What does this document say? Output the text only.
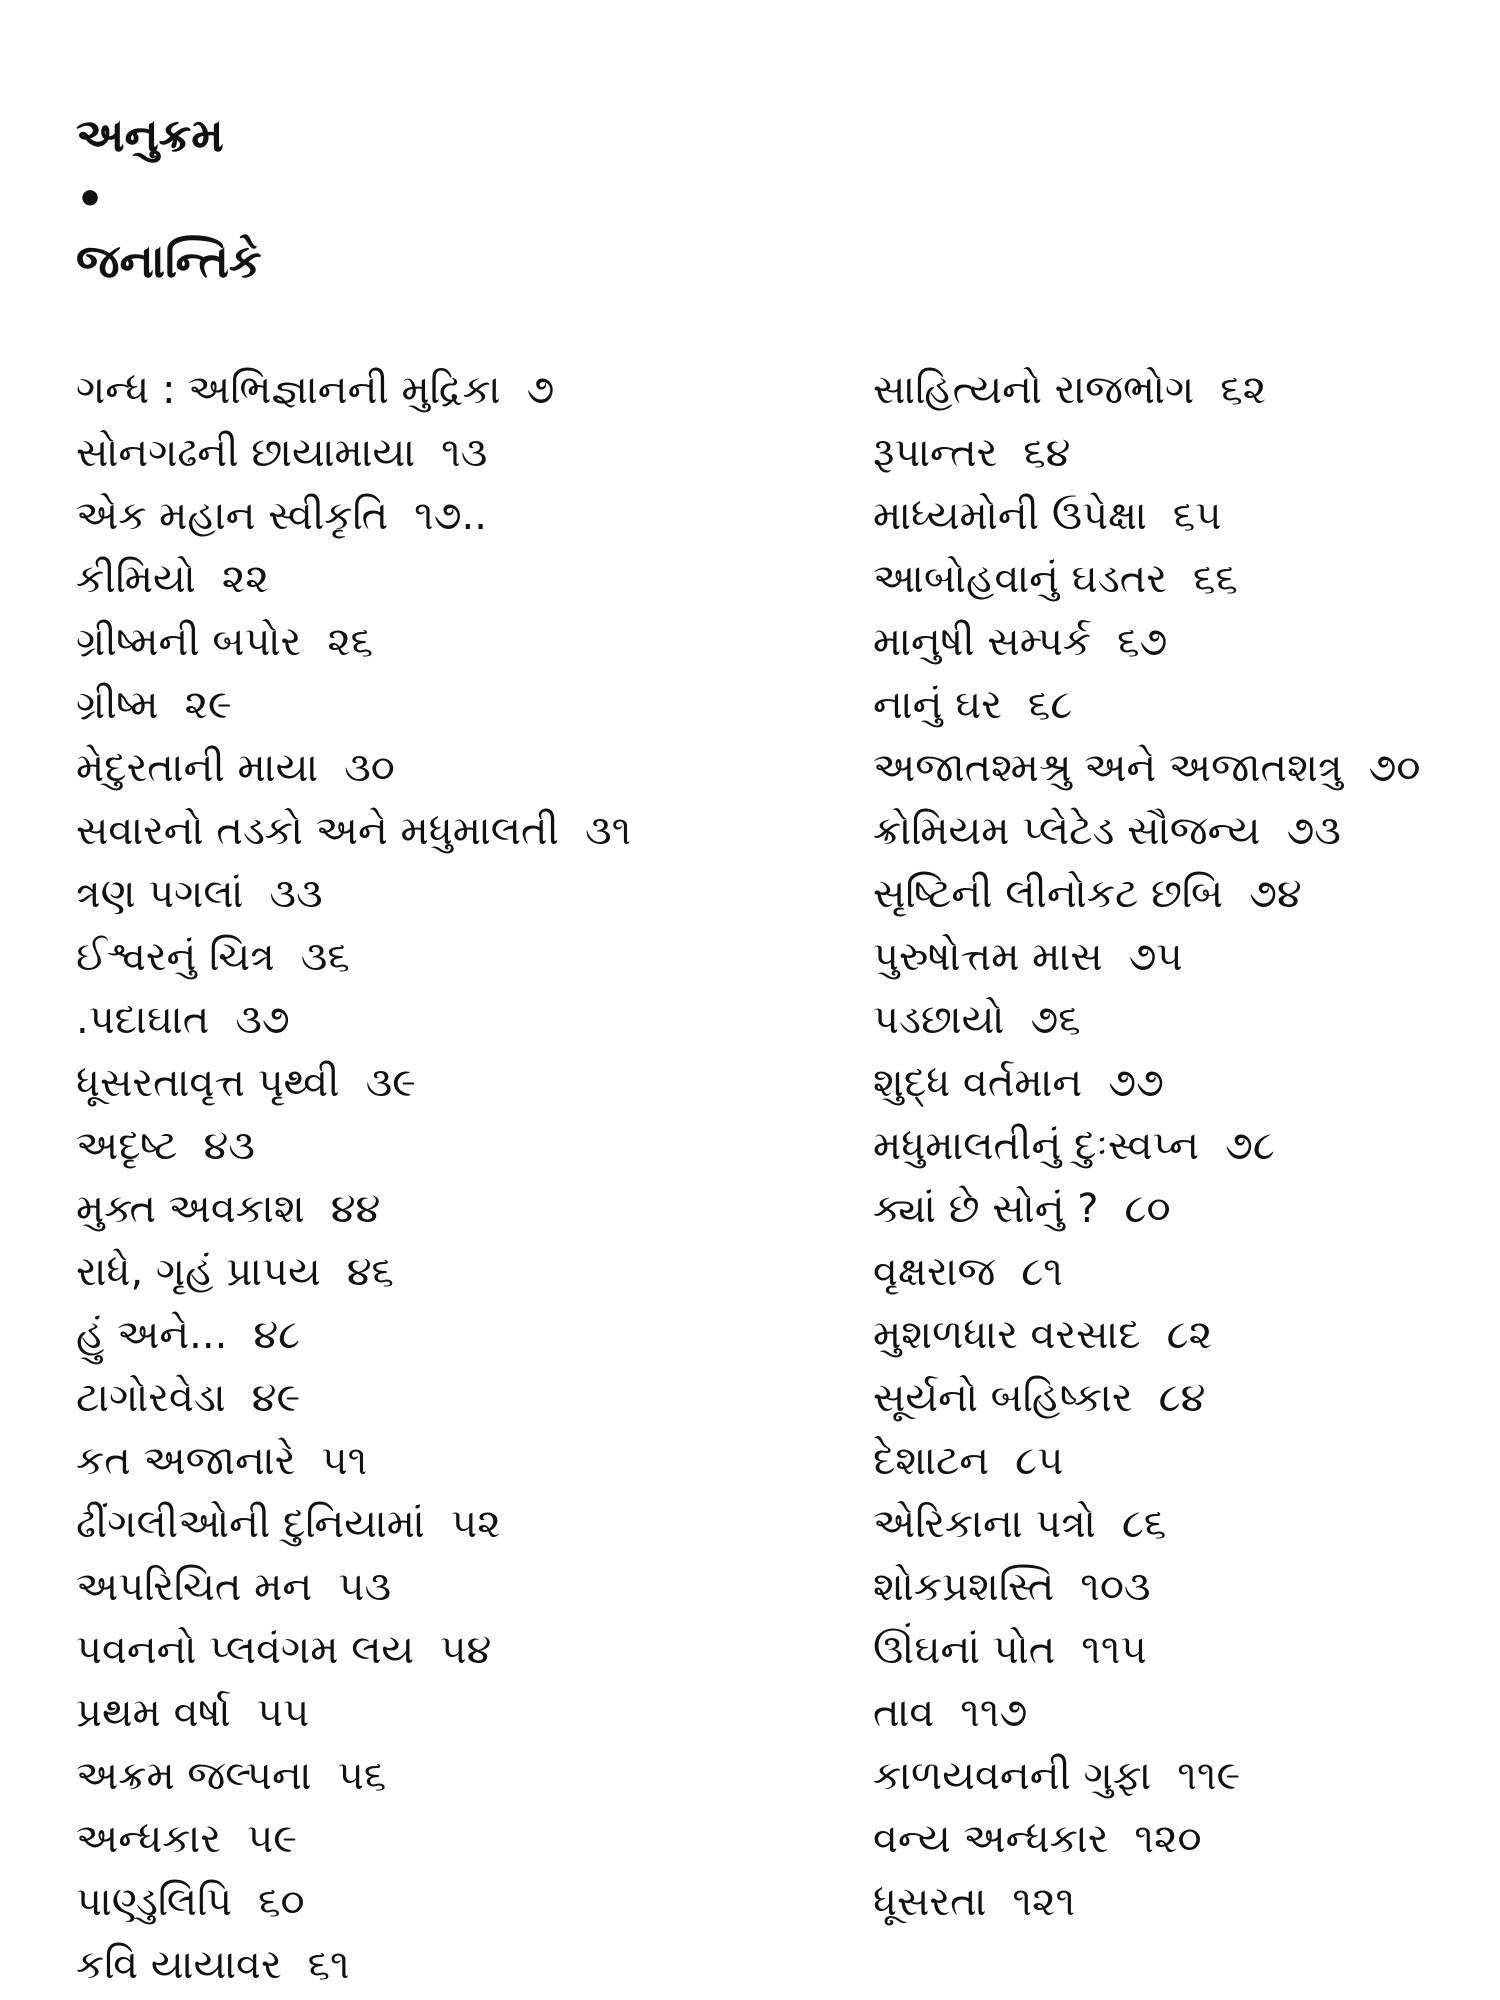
અનુક્રમ
•
જનાન્તિકે
ગન્ધ : અભિજ્ઞાનની મુદ્રિકા ૭
સોનગઢની છાયામાયા ૧૩
એક મહાન સ્વીકૃતિ ૧૭..
કીમિયો ૨૨
ગ્રીષ્મની બપોર ૨૬
ગ્રીષ્મ ૨૯
મેદુરતાની માયા ૩૦
સવારનો તડકો અને મધુમાલતી ૩૧
ત્રણ પગલાં ૩૩
ઈશ્વરનું ચિત્ર ૩૬
.પદાઘાત ૩૭
ધૂસરતાવૃત્ત પૃથ્વી ૩૯
અદૃષ્ટ ૪૩
મુક્ત અવકાશ ૪૪
રાધે, ગૃહં પ્રાપય ૪૬
હું અને... ૪૮
ટાગોરવેડા ૪૯
કત અજાનારે ૫૧
ઢીંગલીઓની દુનિયામાં ૫૨
અપરિચિત મન ૫૩
પવનનો પ્લવંગમ લય ૫૪
પ્રથમ વર્ષા ૫૫
અક્રમ જલ્પના ૫૬
અન્ધકાર ૫૯
પાણ્ડુલિપિ ૬૦
કવિ યાયાવર ૬૧
સાહિત્યનો રાજભોગ ૬૨
રૂપાન્તર ૬૪
માધ્યમોની ઉપેક્ષા ૬૫
આબોહવાનું ઘડતર ૬૬
માનુષી સમ્પર્ક ૬૭
નાનું ઘર ૬૮
અજાતશ્મશ્રુ અને અજાતશત્રુ ૭૦
ક્રોમિયમ પ્લેટેડ સૌજન્ય ૭૩
સૃષ્ટિની લીનોકટ છબિ ૭૪
પુરુષોત્તમ માસ ૭૫
પડછાયો ૭૬
શુદ્ધ વર્તમાન ૭૭
મધુમાલતીનું દુઃસ્વપ્ન ૭૮
ક્યાં છે સોનું ? ૮૦
વૃક્ષરાજ ૮૧
મુશળધાર વરસાદ ૮૨
સૂર્યનો બહિષ્કાર ૮૪
દેશાટન ૮૫
એરિકાના પત્રો ૮૬
શોકપ્રશસ્તિ ૧૦૩
ઊંઘનાં પોત ૧૧૫
તાવ ૧૧૭
કાળયવનની ગુફા ૧૧૯
વન્ય અન્ધકાર ૧૨૦
ધૂસરતા ૧૨૧
